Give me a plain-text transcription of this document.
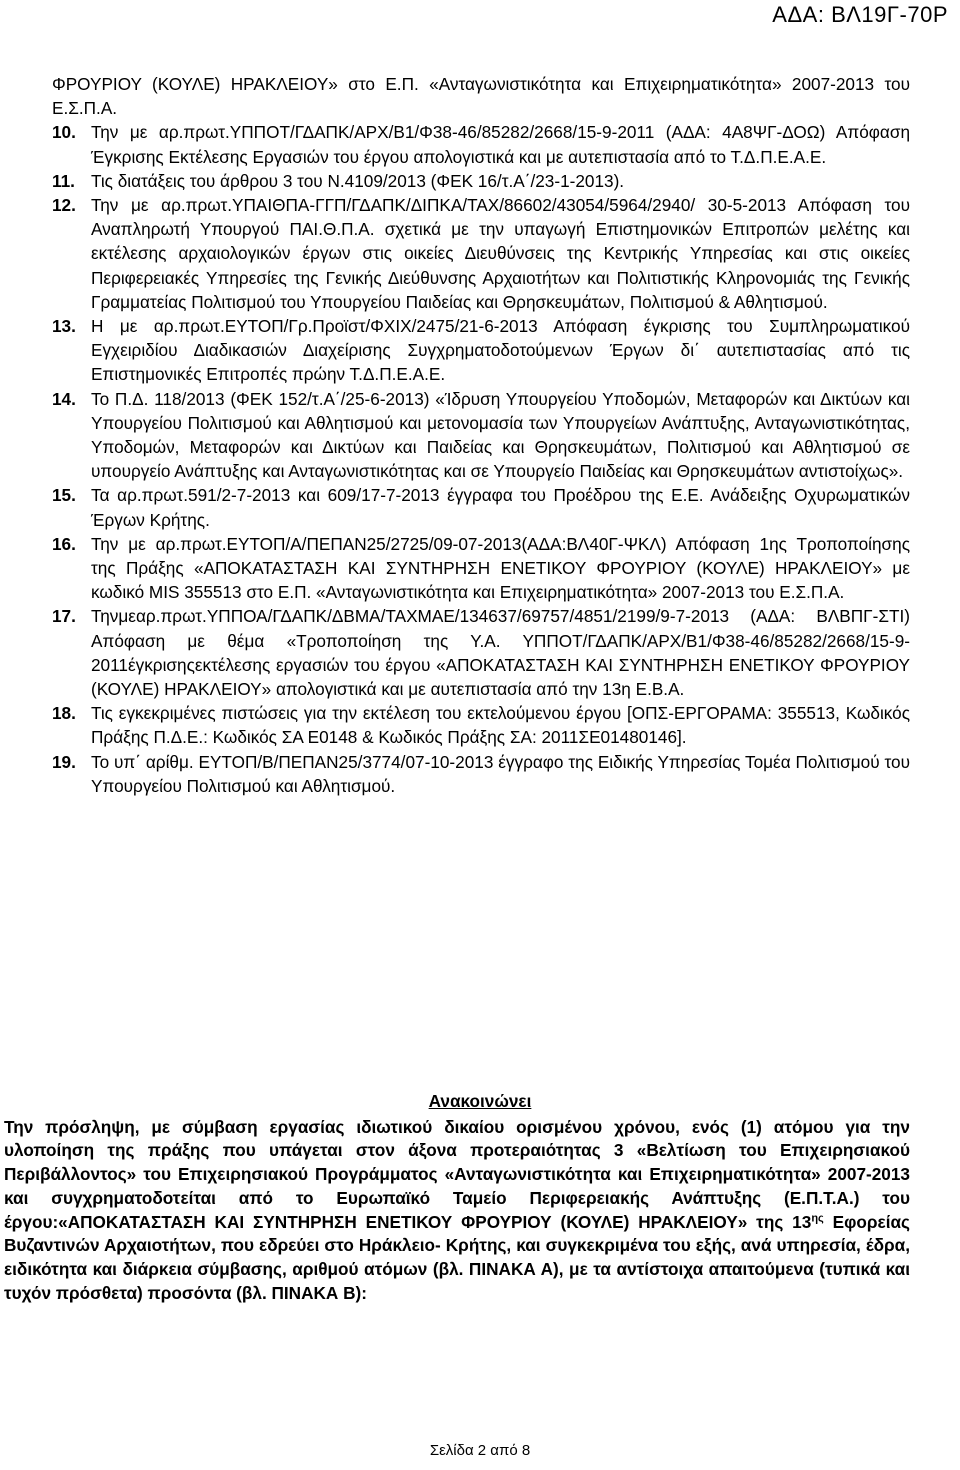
ΑΔΑ: ΒΛ19Γ-70Ρ
ΦΡΟΥΡΙΟΥ (ΚΟΥΛΕ) ΗΡΑΚΛΕΙΟΥ» στο Ε.Π. «Ανταγωνιστικότητα και Επιχειρηματικότητα» 2007-2013 του Ε.Σ.Π.Α.
10. Την με αρ.πρωτ.ΥΠΠΟΤ/ΓΔΑΠΚ/ΑΡΧ/Β1/Φ38-46/85282/2668/15-9-2011 (ΑΔΑ: 4Α8ΨΓ-ΔΟΩ) Απόφαση Έγκρισης Εκτέλεσης Εργασιών του έργου απολογιστικά και με αυτεπιστασία από το Τ.Δ.Π.Ε.Α.Ε.
11. Τις διατάξεις του άρθρου 3 του Ν.4109/2013 (ΦΕΚ 16/τ.Α΄/23-1-2013).
12. Την με αρ.πρωτ.ΥΠΑΙΘΠΑ-ΓΓΠ/ΓΔΑΠΚ/ΔΙΠΚΑ/ΤΑΧ/86602/43054/5964/2940/ 30-5-2013 Απόφαση του Αναπληρωτή Υπουργού ΠΑΙ.Θ.Π.Α. σχετικά με την υπαγωγή Επιστημονικών Επιτροπών μελέτης και εκτέλεσης αρχαιολογικών έργων στις οικείες Διευθύνσεις της Κεντρικής Υπηρεσίας και στις οικείες Περιφερειακές Υπηρεσίες της Γενικής Διεύθυνσης Αρχαιοτήτων και Πολιτιστικής Κληρονομιάς της Γενικής Γραμματείας Πολιτισμού του Υπουργείου Παιδείας και Θρησκευμάτων, Πολιτισμού & Αθλητισμού.
13. Η με αρ.πρωτ.ΕΥΤΟΠ/Γρ.Προϊστ/ΦΧΙΧ/2475/21-6-2013 Απόφαση έγκρισης του Συμπληρωματικού Εγχειριδίου Διαδικασιών Διαχείρισης Συγχρηματοδοτούμενων Έργων δι΄ αυτεπιστασίας από τις Επιστημονικές Επιτροπές πρώην Τ.Δ.Π.Ε.Α.Ε.
14. Το Π.Δ. 118/2013 (ΦΕΚ 152/τ.Α΄/25-6-2013) «Ίδρυση Υπουργείου Υποδομών, Μεταφορών και Δικτύων και Υπουργείου Πολιτισμού και Αθλητισμού και μετονομασία των Υπουργείων Ανάπτυξης, Ανταγωνιστικότητας, Υποδομών, Μεταφορών και Δικτύων και Παιδείας και Θρησκευμάτων, Πολιτισμού και Αθλητισμού σε υπουργείο Ανάπτυξης και Ανταγωνιστικότητας και σε Υπουργείο Παιδείας και Θρησκευμάτων αντιστοίχως».
15. Τα αρ.πρωτ.591/2-7-2013 και 609/17-7-2013 έγγραφα του Προέδρου της Ε.Ε. Ανάδειξης Οχυρωματικών Έργων Κρήτης.
16. Την με αρ.πρωτ.ΕΥΤΟΠ/Α/ΠΕΠΑΝ25/2725/09-07-2013(ΑΔΑ:ΒΛ40Γ-ΨΚΛ) Απόφαση 1ης Τροποποίησης της Πράξης «ΑΠΟΚΑΤΑΣΤΑΣΗ ΚΑΙ ΣΥΝΤΗΡΗΣΗ ΕΝΕΤΙΚΟΥ ΦΡΟΥΡΙΟΥ (ΚΟΥΛΕ) ΗΡΑΚΛΕΙΟΥ» με κωδικό MIS 355513 στο Ε.Π. «Ανταγωνιστικότητα και Επιχειρηματικότητα» 2007-2013 του Ε.Σ.Π.Α.
17. Τηνμεαρ.πρωτ.ΥΠΠΟΑ/ΓΔΑΠΚ/ΔΒΜΑ/ΤΑΧΜΑΕ/134637/69757/4851/2199/9-7-2013 (ΑΔΑ: ΒΛΒΠΓ-ΣΤΙ) Απόφαση με θέμα «Τροποποίηση της Υ.Α. ΥΠΠΟΤ/ΓΔΑΠΚ/ΑΡΧ/Β1/Φ38-46/85282/2668/15-9-2011έγκρισηςεκτέλεσης εργασιών του έργου «ΑΠΟΚΑΤΑΣΤΑΣΗ ΚΑΙ ΣΥΝΤΗΡΗΣΗ ΕΝΕΤΙΚΟΥ ΦΡΟΥΡΙΟΥ (ΚΟΥΛΕ) ΗΡΑΚΛΕΙΟΥ» απολογιστικά και με αυτεπιστασία από την 13η Ε.Β.Α.
18. Τις εγκεκριμένες πιστώσεις για την εκτέλεση του εκτελούμενου έργου [ΟΠΣ-ΕΡΓΟΡΑΜΑ: 355513, Κωδικός Πράξης Π.Δ.Ε.: Κωδικός ΣΑ Ε0148 & Κωδικός Πράξης ΣΑ: 2011ΣΕ01480146].
19. Το υπ΄ αρίθμ. ΕΥΤΟΠ/Β/ΠΕΠΑΝ25/3774/07-10-2013 έγγραφο της Ειδικής Υπηρεσίας Τομέα Πολιτισμού του Υπουργείου Πολιτισμού και Αθλητισμού.
Ανακοινώνει
Την πρόσληψη, με σύμβαση εργασίας ιδιωτικού δικαίου ορισμένου χρόνου, ενός (1) ατόμου για την υλοποίηση της πράξης που υπάγεται στον άξονα προτεραιότητας 3 «Βελτίωση του Επιχειρησιακού Περιβάλλοντος» του Επιχειρησιακού Προγράμματος «Ανταγωνιστικότητα και Επιχειρηματικότητα» 2007-2013 και συγχρηματοδοτείται από το Ευρωπαϊκό Ταμείο Περιφερειακής Ανάπτυξης (Ε.Π.Τ.Α.) του έργου:«ΑΠΟΚΑΤΑΣΤΑΣΗ ΚΑΙ ΣΥΝΤΗΡΗΣΗ ΕΝΕΤΙΚΟΥ ΦΡΟΥΡΙΟΥ (ΚΟΥΛΕ) ΗΡΑΚΛΕΙΟΥ» της $13^{\eta\varsigma}$ Εφορείας Βυζαντινών Αρχαιοτήτων, που εδρεύει στο Ηράκλειο- Κρήτης, και συγκεκριμένα του εξής, ανά υπηρεσία, έδρα, ειδικότητα και διάρκεια σύμβασης, αριθμού ατόμων (βλ. ΠΙΝΑΚΑ Α), με τα αντίστοιχα απαιτούμενα (τυπικά και τυχόν πρόσθετα) προσόντα (βλ. ΠΙΝΑΚΑ Β):
Σελίδα 2 από 8
